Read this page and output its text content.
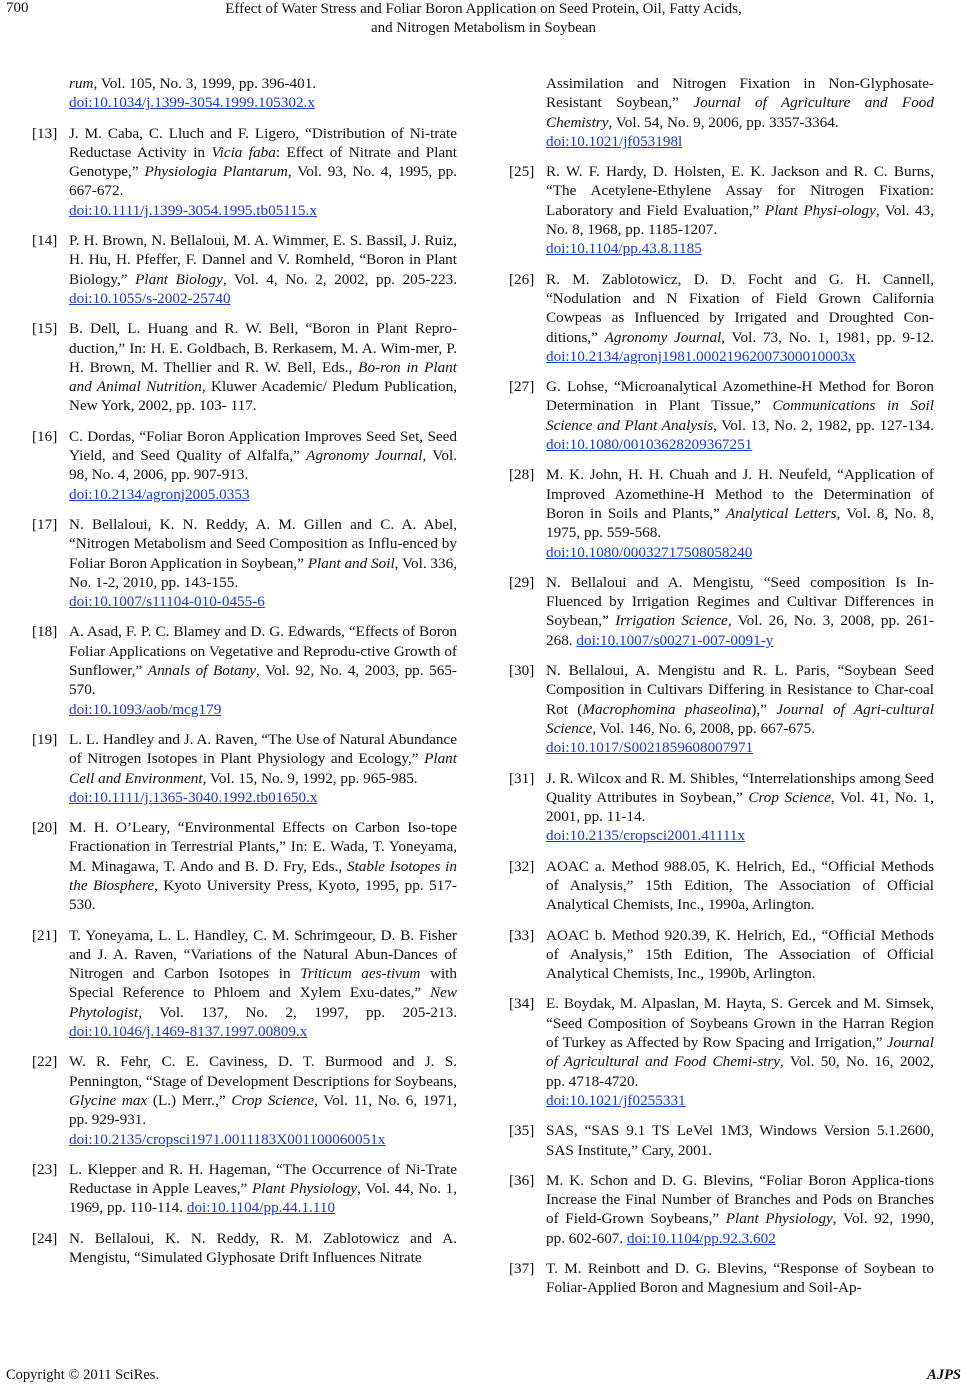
700	Effect of Water Stress and Foliar Boron Application on Seed Protein, Oil, Fatty Acids,
and Nitrogen Metabolism in Soybean
rum, Vol. 105, No. 3, 1999, pp. 396-401.
doi:10.1034/j.1399-3054.1999.105302.x
[13] J. M. Caba, C. Lluch and F. Ligero, “Distribution of Ni-trate Reductase Activity in Vicia faba: Effect of Nitrate and Plant Genotype,” Physiologia Plantarum, Vol. 93, No. 4, 1995, pp. 667-672.
doi:10.1111/j.1399-3054.1995.tb05115.x
[14] P. H. Brown, N. Bellaloui, M. A. Wimmer, E. S. Bassil, J. Ruiz, H. Hu, H. Pfeffer, F. Dannel and V. Romheld, “Boron in Plant Biology,” Plant Biology, Vol. 4, No. 2, 2002, pp. 205-223. doi:10.1055/s-2002-25740
[15] B. Dell, L. Huang and R. W. Bell, “Boron in Plant Repro-duction,” In: H. E. Goldbach, B. Rerkasem, M. A. Wim-mer, P. H. Brown, M. Thellier and R. W. Bell, Eds., Bo-ron in Plant and Animal Nutrition, Kluwer Academic/ Pledum Publication, New York, 2002, pp. 103- 117.
[16] C. Dordas, “Foliar Boron Application Improves Seed Set, Seed Yield, and Seed Quality of Alfalfa,” Agronomy Journal, Vol. 98, No. 4, 2006, pp. 907-913.
doi:10.2134/agronj2005.0353
[17] N. Bellaloui, K. N. Reddy, A. M. Gillen and C. A. Abel, “Nitrogen Metabolism and Seed Composition as Influ-enced by Foliar Boron Application in Soybean,” Plant and Soil, Vol. 336, No. 1-2, 2010, pp. 143-155.
doi:10.1007/s11104-010-0455-6
[18] A. Asad, F. P. C. Blamey and D. G. Edwards, “Effects of Boron Foliar Applications on Vegetative and Reprodu-ctive Growth of Sunflower,” Annals of Botany, Vol. 92, No. 4, 2003, pp. 565-570.
doi:10.1093/aob/mcg179
[19] L. L. Handley and J. A. Raven, “The Use of Natural Abundance of Nitrogen Isotopes in Plant Physiology and Ecology,” Plant Cell and Environment, Vol. 15, No. 9, 1992, pp. 965-985.
doi:10.1111/j.1365-3040.1992.tb01650.x
[20] M. H. O’Leary, “Environmental Effects on Carbon Iso-tope Fractionation in Terrestrial Plants,” In: E. Wada, T. Yoneyama, M. Minagawa, T. Ando and B. D. Fry, Eds., Stable Isotopes in the Biosphere, Kyoto University Press, Kyoto, 1995, pp. 517-530.
[21] T. Yoneyama, L. L. Handley, C. M. Schrimgeour, D. B. Fisher and J. A. Raven, “Variations of the Natural Abun-Dances of Nitrogen and Carbon Isotopes in Triticum aes-tivum with Special Reference to Phloem and Xylem Exu-dates,” New Phytologist, Vol. 137, No. 2, 1997, pp. 205-213. doi:10.1046/j.1469-8137.1997.00809.x
[22] W. R. Fehr, C. E. Caviness, D. T. Burmood and J. S. Pennington, “Stage of Development Descriptions for Soybeans, Glycine max (L.) Merr.,” Crop Science, Vol. 11, No. 6, 1971, pp. 929-931.
doi:10.2135/cropsci1971.0011183X001100060051x
[23] L. Klepper and R. H. Hageman, “The Occurrence of Ni-Trate Reductase in Apple Leaves,” Plant Physiology, Vol. 44, No. 1, 1969, pp. 110-114. doi:10.1104/pp.44.1.110
[24] N. Bellaloui, K. N. Reddy, R. M. Zablotowicz and A. Mengistu, “Simulated Glyphosate Drift Influences Nitrate
Assimilation and Nitrogen Fixation in Non-Glyphosate-Resistant Soybean,” Journal of Agriculture and Food Chemistry, Vol. 54, No. 9, 2006, pp. 3357-3364.
doi:10.1021/jf053198l
[25] R. W. F. Hardy, D. Holsten, E. K. Jackson and R. C. Burns, “The Acetylene-Ethylene Assay for Nitrogen Fixation: Laboratory and Field Evaluation,” Plant Physi-ology, Vol. 43, No. 8, 1968, pp. 1185-1207.
doi:10.1104/pp.43.8.1185
[26] R. M. Zablotowicz, D. D. Focht and G. H. Cannell, “Nodulation and N Fixation of Field Grown California Cowpeas as Influenced by Irrigated and Droughted Con-ditions,” Agronomy Journal, Vol. 73, No. 1, 1981, pp. 9-12. doi:10.2134/agronj1981.00021962007300010003x
[27] G. Lohse, “Microanalytical Azomethine-H Method for Boron Determination in Plant Tissue,” Communications in Soil Science and Plant Analysis, Vol. 13, No. 2, 1982, pp. 127-134. doi:10.1080/00103628209367251
[28] M. K. John, H. H. Chuah and J. H. Neufeld, “Application of Improved Azomethine-H Method to the Determination of Boron in Soils and Plants,” Analytical Letters, Vol. 8, No. 8, 1975, pp. 559-568.
doi:10.1080/00032717508058240
[29] N. Bellaloui and A. Mengistu, “Seed composition Is In-Fluenced by Irrigation Regimes and Cultivar Differences in Soybean,” Irrigation Science, Vol. 26, No. 3, 2008, pp. 261-268. doi:10.1007/s00271-007-0091-y
[30] N. Bellaloui, A. Mengistu and R. L. Paris, “Soybean Seed Composition in Cultivars Differing in Resistance to Char-coal Rot (Macrophomina phaseolina),” Journal of Agri-cultural Science, Vol. 146, No. 6, 2008, pp. 667-675.
doi:10.1017/S0021859608007971
[31] J. R. Wilcox and R. M. Shibles, “Interrelationships among Seed Quality Attributes in Soybean,” Crop Science, Vol. 41, No. 1, 2001, pp. 11-14.
doi:10.2135/cropsci2001.41111x
[32] AOAC a. Method 988.05, K. Helrich, Ed., “Official Methods of Analysis,” 15th Edition, The Association of Official Analytical Chemists, Inc., 1990a, Arlington.
[33] AOAC b. Method 920.39, K. Helrich, Ed., “Official Methods of Analysis,” 15th Edition, The Association of Official Analytical Chemists, Inc., 1990b, Arlington.
[34] E. Boydak, M. Alpaslan, M. Hayta, S. Gercek and M. Simsek, “Seed Composition of Soybeans Grown in the Harran Region of Turkey as Affected by Row Spacing and Irrigation,” Journal of Agricultural and Food Chemi-stry, Vol. 50, No. 16, 2002, pp. 4718-4720.
doi:10.1021/jf0255331
[35] SAS, “SAS 9.1 TS LeVel 1M3, Windows Version 5.1.2600, SAS Institute,” Cary, 2001.
[36] M. K. Schon and D. G. Blevins, “Foliar Boron Applica-tions Increase the Final Number of Branches and Pods on Branches of Field-Grown Soybeans,” Plant Physiology, Vol. 92, 1990, pp. 602-607. doi:10.1104/pp.92.3.602
[37] T. M. Reinbott and D. G. Blevins, “Response of Soybean to Foliar-Applied Boron and Magnesium and Soil-Ap-
Copyright © 2011 SciRes.	AJPS
